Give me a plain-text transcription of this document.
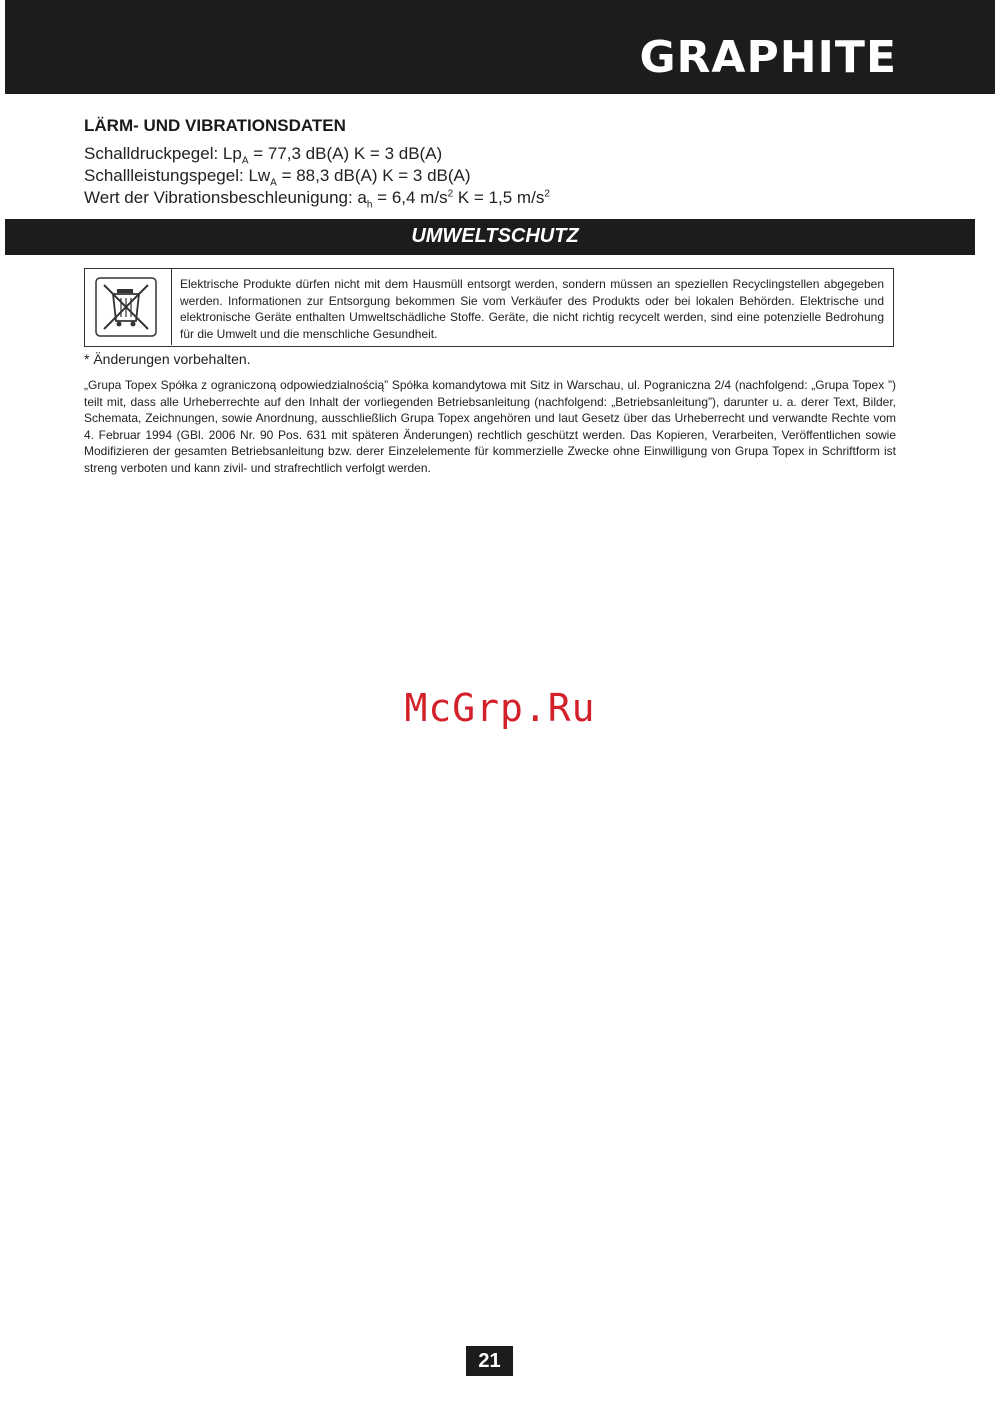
GRAPHITE
LÄRM- UND VIBRATIONSDATEN
Schalldruckpegel: $Lp_A = 77,3$ dB(A) K = 3 dB(A)
Schallleistungspegel: $Lw_A = 88,3$ dB(A) K = 3 dB(A)
Wert der Vibrationsbeschleunigung: $a_h = 6,4$ $m/s^2$ K = 1,5 $m/s^2$
UMWELTSCHUTZ
Elektrische Produkte dürfen nicht mit dem Hausmüll entsorgt werden, sondern müssen an speziellen Recyclingstellen abgegeben werden. Informationen zur Entsorgung bekommen Sie vom Verkäufer des Produkts oder bei lokalen Behörden. Elektrische und elektronische Geräte enthalten Umweltschädliche Stoffe. Geräte, die nicht richtig recycelt werden, sind eine potenzielle Bedrohung für die Umwelt und die menschliche Gesundheit.
* Änderungen vorbehalten.
„Grupa Topex Spółka z ograniczoną odpowiedzialnością” Spółka komandytowa mit Sitz in Warschau, ul. Pograniczna 2/4 (nachfolgend: „Grupa Topex ”) teilt mit, dass alle Urheberrechte auf den Inhalt der vorliegenden Betriebsanleitung (nachfolgend: „Betriebsanleitung”), darunter u. a. derer Text, Bilder, Schemata, Zeichnungen, sowie Anordnung, ausschließlich Grupa Topex angehören und laut Gesetz über das Urheberrecht und verwandte Rechte vom 4. Februar 1994 (GBl. 2006 Nr. 90 Pos. 631 mit späteren Änderungen) rechtlich geschützt werden. Das Kopieren, Verarbeiten, Veröffentlichen sowie Modifizieren der gesamten Betriebsanleitung bzw. derer Einzelelemente für kommerzielle Zwecke ohne Einwilligung von Grupa Topex in Schriftform ist streng verboten und kann zivil- und strafrechtlich verfolgt werden.
McGrp.Ru
21
